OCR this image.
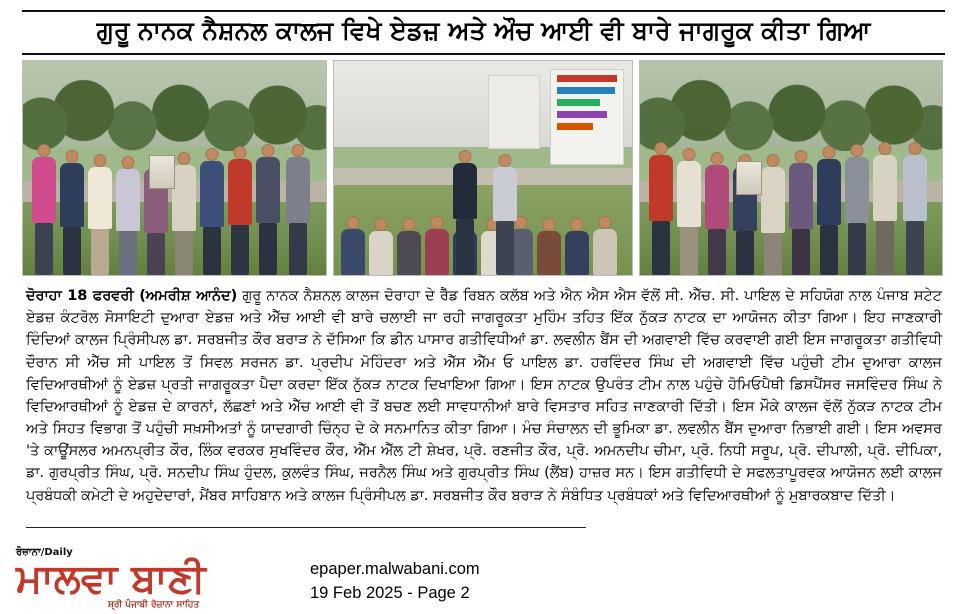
ਗੁਰੂ ਨਾਨਕ ਨੈਸ਼ਨਲ ਕਾਲਜ ਵਿਖੇ ਏਡਜ਼ ਅਤੇ ਔਚ ਆਈ ਵੀ ਬਾਰੇ ਜਾਗਰੂਕ ਕੀਤਾ ਗਿਆ

ਦੋਰਾਹਾ 18 ਫਰਵਰੀ (ਅਮਰੀਸ਼ ਆਨੰਦ) ਗੁਰੂ ਨਾਨਕ ਨੈਸ਼ਨਲ ਕਾਲਜ ਦੋਰਾਹਾ ਦੇ ਰੈੱਡ ਰਿਬਨ ਕਲੱਬ ਅਤੇ ਐਨ ਐਸ ਐਸ ਵੱਲੋਂ ਸੀ. ਐੱਚ. ਸੀ. ਪਾਇਲ ਦੇ ਸਹਿਯੋਗ ਨਾਲ ਪੰਜਾਬ ਸਟੇਟ ਏਡਜ਼ ਕੰਟਰੋਲ ਸੋਸਾਇਟੀ ਦੁਆਰਾ ਏਡਜ਼ ਅਤੇ ਐੱਚ ਆਈ ਵੀ ਬਾਰੇ ਚਲਾਈ ਜਾ ਰਹੀ ਜਾਗਰੂਕਤਾ ਮੁਹਿੰਮ ਤਹਿਤ ਇੱਕ ਨੁੱਕੜ ਨਾਟਕ ਦਾ ਆਯੋਜਨ ਕੀਤਾ ਗਿਆ। ਇਹ ਜਾਣਕਾਰੀ ਦਿੰਦਿਆਂ ਕਾਲਜ ਪ੍ਰਿੰਸੀਪਲ ਡਾ. ਸਰਬਜੀਤ ਕੌਰ ਬਰਾੜ ਨੇ ਦੱਸਿਆ ਕਿ ਡੀਨ ਪਾਸਾਰ ਗਤੀਵਿਧੀਆਂ ਡਾ. ਲਵਲੀਨ ਬੈਂਸ ਦੀ ਅਗਵਾਈ ਵਿੱਚ ਕਰਵਾਈ ਗਈ ਇਸ ਜਾਗਰੂਕਤਾ ਗਤੀਵਿਧੀ ਦੌਰਾਨ ਸੀ ਐੱਚ ਸੀ ਪਾਇਲ ਤੋਂ ਸਿਵਲ ਸਰਜਨ ਡਾ. ਪ੍ਰਦੀਪ ਮੋਹਿੰਦਰਾ ਅਤੇ ਐੱਸ ਐੱਮ ਓ ਪਾਇਲ ਡਾ. ਹਰਵਿੰਦਰ ਸਿੰਘ ਦੀ ਅਗਵਾਈ ਵਿੱਚ ਪਹੁੰਚੀ ਟੀਮ ਦੁਆਰਾ ਕਾਲਜ ਵਿਦਿਆਰਥੀਆਂ ਨੂੰ ਏਡਜ਼ ਪ੍ਰਤੀ ਜਾਗਰੂਕਤਾ ਪੈਦਾ ਕਰਦਾ ਇੱਕ ਨੁੱਕੜ ਨਾਟਕ ਦਿਖਾਇਆ ਗਿਆ। ਇਸ ਨਾਟਕ ਉਪਰੰਤ ਟੀਮ ਨਾਲ ਪਹੁੰਚੇ ਹੋਮਿਓਪੈਥੀ ਡਿਸਪੈਂਸਰ ਜਸਵਿੰਦਰ ਸਿੰਘ ਨੇ ਵਿਦਿਆਰਥੀਆਂ ਨੂੰ ਏਡਜ਼ ਦੇ ਕਾਰਨਾਂ, ਲੱਛਣਾਂ ਅਤੇ ਐੱਚ ਆਈ ਵੀ ਤੋਂ ਬਚਣ ਲਈ ਸਾਵਧਾਨੀਆਂ ਬਾਰੇ ਵਿਸਤਾਰ ਸਹਿਤ ਜਾਣਕਾਰੀ ਦਿੱਤੀ। ਇਸ ਮੌਕੇ ਕਾਲਜ ਵੱਲੋਂ ਨੁੱਕੜ ਨਾਟਕ ਟੀਮ ਅਤੇ ਸਿਹਤ ਵਿਭਾਗ ਤੋਂ ਪਹੁੰਚੀ ਸਖ਼ਸੀਅਤਾਂ ਨੂੰ ਯਾਦਗਾਰੀ ਚਿੰਨ੍ਹ ਦੇ ਕੇ ਸਨਮਾਨਿਤ ਕੀਤਾ ਗਿਆ। ਮੰਚ ਸੰਚਾਲਨ ਦੀ ਭੂਮਿਕਾ ਡਾ. ਲਵਲੀਨ ਬੈਂਸ ਦੁਆਰਾ ਨਿਭਾਈ ਗਈ। ਇਸ ਅਵਸਰ 'ਤੇ ਕਾਊਂਸਲਰ ਅਮਨਪ੍ਰੀਤ ਕੌਰ, ਲਿੰਕ ਵਰਕਰ ਸੁਖਵਿੰਦਰ ਕੌਰ, ਐੱਮ ਐੱਲ ਟੀ ਸ਼ੇਖਰ, ਪ੍ਰੋ. ਰਣਜੀਤ ਕੌਰ, ਪ੍ਰੋ. ਅਮਨਦੀਪ ਚੀਮਾ, ਪ੍ਰੋ. ਨਿਧੀ ਸਰੂਪ, ਪ੍ਰੋ. ਦੀਪਾਲੀ, ਪ੍ਰੋ. ਦੀਪਿਕਾ, ਡਾ. ਗੁਰਪ੍ਰੀਤ ਸਿੰਘ, ਪ੍ਰੋ. ਸਨਦੀਪ ਸਿੰਘ ਹੁੰਦਲ, ਕੁਲਵੰਤ ਸਿੰਘ, ਜਰਨੈਲ ਸਿੰਘ ਅਤੇ ਗੁਰਪ੍ਰੀਤ ਸਿੰਘ (ਲੈਂਬ) ਹਾਜ਼ਰ ਸਨ। ਇਸ ਗਤੀਵਿਧੀ ਦੇ ਸਫਲਤਾਪੂਰਵਕ ਆਯੋਜਨ ਲਈ ਕਾਲਜ ਪ੍ਰਬੰਧਕੀ ਕਮੇਟੀ ਦੇ ਅਹੁਦੇਦਾਰਾਂ, ਮੈਂਬਰ ਸਾਹਿਬਾਨ ਅਤੇ ਕਾਲਜ ਪ੍ਰਿੰਸੀਪਲ ਡਾ. ਸਰਬਜੀਤ ਕੌਰ ਬਰਾੜ ਨੇ ਸੰਬੰਧਿਤ ਪ੍ਰਬੰਧਕਾਂ ਅਤੇ ਵਿਦਿਆਰਥੀਆਂ ਨੂੰ ਮੁਬਾਰਕਬਾਦ ਦਿੱਤੀ।

ਰੋਜ਼ਾਨਾ/Daily
ਮਾਲਵਾ ਬਾਣੀ
ਸ਼੍ਰੀ ਪੰਜਾਬੀ ਰੋਜ਼ਾਨਾ ਸਾਹਿਤ
epaper.malwabani.com
19 Feb 2025 - Page 2
